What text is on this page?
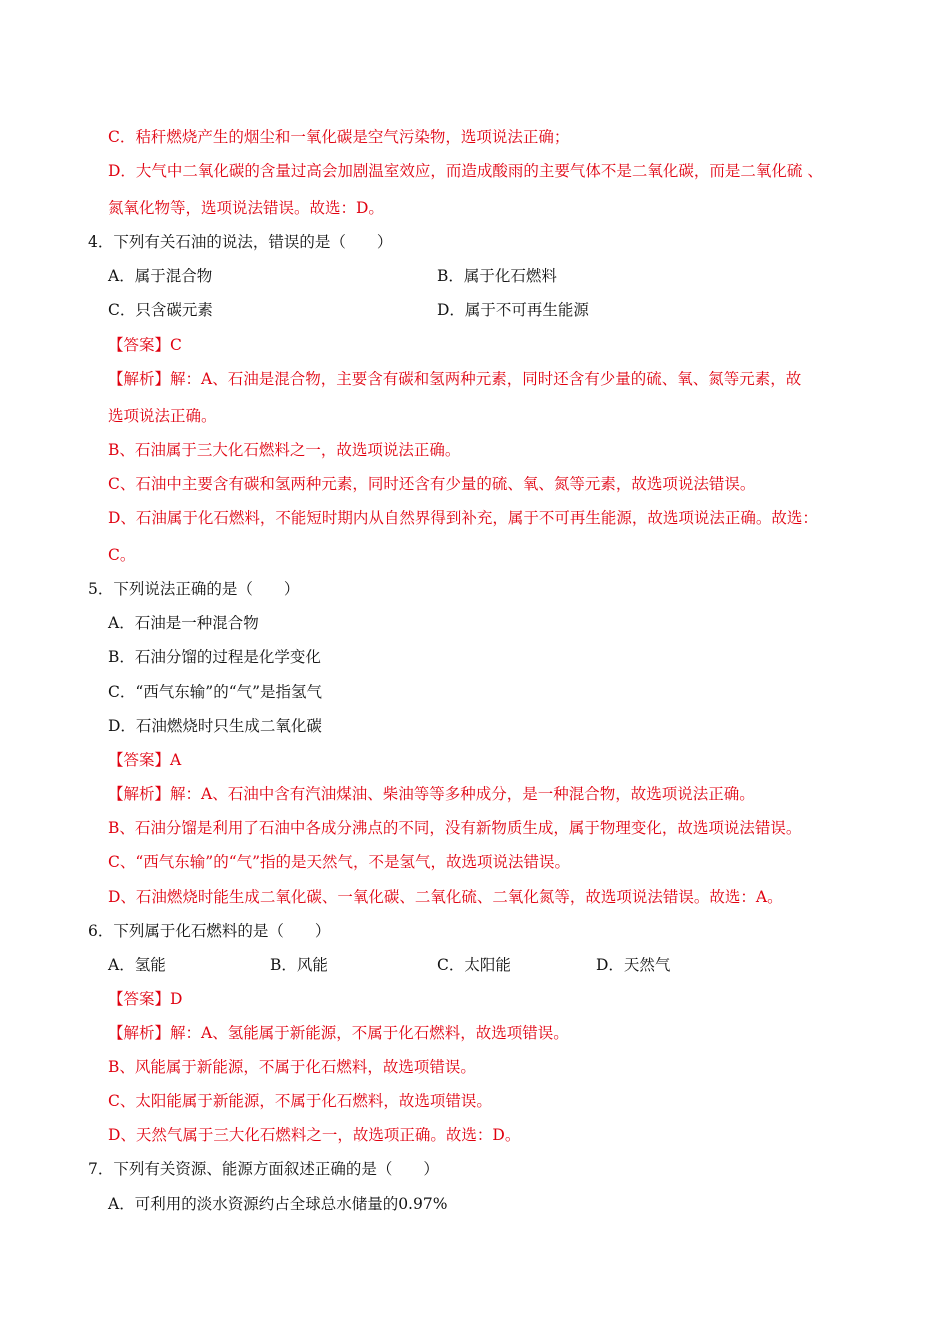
C．秸秆燃烧产生的烟尘和一氧化碳是空气污染物，选项说法正确；
D．大气中二氧化碳的含量过高会加剧温室效应，而造成酸雨的主要气体不是二氧化碳，而是二氧化硫 、
氮氧化物等，选项说法错误。故选：D。
4．下列有关石油的说法，错误的是（　　）
A．属于混合物	B．属于化石燃料
C．只含碳元素	D．属于不可再生能源
【答案】C
【解析】解：A、石油是混合物，主要含有碳和氢两种元素，同时还含有少量的硫、氧、氮等元素，故
选项说法正确。
B、石油属于三大化石燃料之一，故选项说法正确。
C、石油中主要含有碳和氢两种元素，同时还含有少量的硫、氧、氮等元素，故选项说法错误。
D、石油属于化石燃料，不能短时期内从自然界得到补充，属于不可再生能源，故选项说法正确。故选：
C。
5．下列说法正确的是（　　）
A．石油是一种混合物
B．石油分馏的过程是化学变化
C．“西气东输”的“气”是指氢气
D．石油燃烧时只生成二氧化碳
【答案】A
【解析】解：A、石油中含有汽油煤油、柴油等等多种成分，是一种混合物，故选项说法正确。
B、石油分馏是利用了石油中各成分沸点的不同，没有新物质生成，属于物理变化，故选项说法错误。
C、“西气东输”的“气”指的是天然气，不是氢气，故选项说法错误。
D、石油燃烧时能生成二氧化碳、一氧化碳、二氧化硫、二氧化氮等，故选项说法错误。故选：A。
6．下列属于化石燃料的是（　　）
A．氢能	B．风能	C．太阳能	D．天然气
【答案】D
【解析】解：A、氢能属于新能源，不属于化石燃料，故选项错误。
B、风能属于新能源，不属于化石燃料，故选项错误。
C、太阳能属于新能源，不属于化石燃料，故选项错误。
D、天然气属于三大化石燃料之一，故选项正确。故选：D。
7．下列有关资源、能源方面叙述正确的是（　　）
A．可利用的淡水资源约占全球总水储量的0.97%
